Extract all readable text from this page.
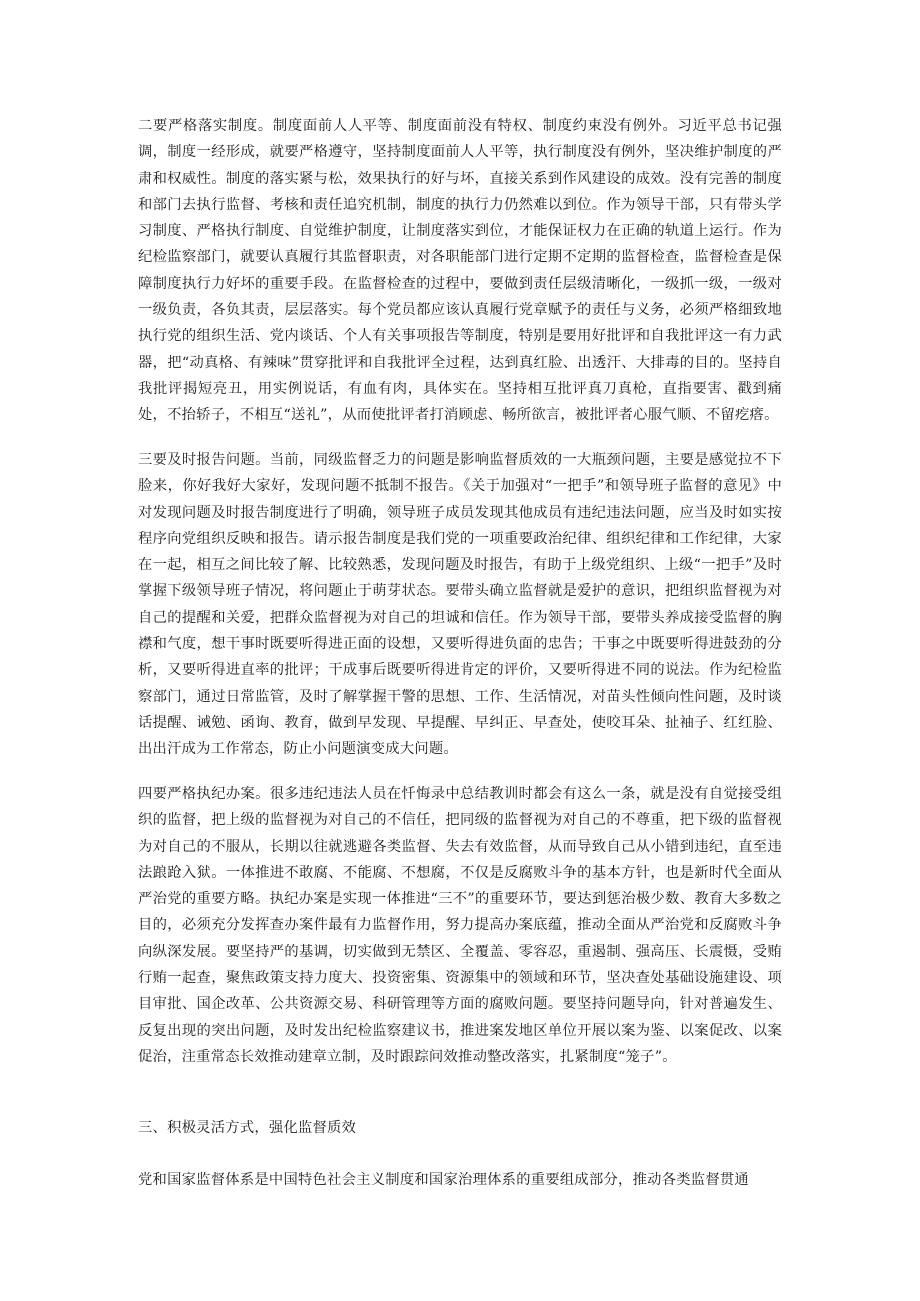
二要严格落实制度。制度面前人人平等、制度面前没有特权、制度约束没有例外。习近平总书记强调，制度一经形成，就要严格遵守，坚持制度面前人人平等，执行制度没有例外，坚决维护制度的严肃和权威性。制度的落实紧与松，效果执行的好与坏，直接关系到作风建设的成效。没有完善的制度和部门去执行监督、考核和责任追究机制，制度的执行力仍然难以到位。作为领导干部，只有带头学习制度、严格执行制度、自觉维护制度，让制度落实到位，才能保证权力在正确的轨道上运行。作为纪检监察部门，就要认真履行其监督职责，对各职能部门进行定期不定期的监督检查，监督检查是保障制度执行力好坏的重要手段。在监督检查的过程中，要做到责任层级清晰化，一级抓一级，一级对一级负责，各负其责，层层落实。每个党员都应该认真履行党章赋予的责任与义务，必须严格细致地执行党的组织生活、党内谈话、个人有关事项报告等制度，特别是要用好批评和自我批评这一有力武器，把“动真格、有辣味”贯穿批评和自我批评全过程，达到真红脸、出透汗、大排毒的目的。坚持自我批评揭短亮丑，用实例说话，有血有肉，具体实在。坚持相互批评真刀真枪，直指要害、戳到痛处，不抬轿子，不相互“送礼”，从而使批评者打消顾虑、畅所欲言，被批评者心服气顺、不留疙瘩。

三要及时报告问题。当前，同级监督乏力的问题是影响监督质效的一大瓶颈问题，主要是感觉拉不下脸来，你好我好大家好，发现问题不抵制不报告。《关于加强对“一把手”和领导班子监督的意见》中对发现问题及时报告制度进行了明确，领导班子成员发现其他成员有违纪违法问题，应当及时如实按程序向党组织反映和报告。请示报告制度是我们党的一项重要政治纪律、组织纪律和工作纪律，大家在一起，相互之间比较了解、比较熟悉，发现问题及时报告，有助于上级党组织、上级“一把手”及时掌握下级领导班子情况，将问题止于萌芽状态。要带头确立监督就是爱护的意识，把组织监督视为对自己的提醒和关爱，把群众监督视为对自己的坦诚和信任。作为领导干部，要带头养成接受监督的胸襟和气度，想干事时既要听得进正面的设想，又要听得进负面的忠告；干事之中既要听得进鼓劲的分析，又要听得进直率的批评；干成事后既要听得进肯定的评价，又要听得进不同的说法。作为纪检监察部门，通过日常监管，及时了解掌握干警的思想、工作、生活情况，对苗头性倾向性问题，及时谈话提醒、诫勉、函询、教育，做到早发现、早提醒、早纠正、早查处，使咬耳朵、扯袖子、红红脸、出出汗成为工作常态，防止小问题演变成大问题。

四要严格执纪办案。很多违纪违法人员在忏悔录中总结教训时都会有这么一条，就是没有自觉接受组织的监督，把上级的监督视为对自己的不信任，把同级的监督视为对自己的不尊重，把下级的监督视为对自己的不服从，长期以往就逃避各类监督、失去有效监督，从而导致自己从小错到违纪，直至违法踉跄入狱。一体推进不敢腐、不能腐、不想腐，不仅是反腐败斗争的基本方针，也是新时代全面从严治党的重要方略。执纪办案是实现一体推进“三不”的重要环节，要达到惩治极少数、教育大多数之目的，必须充分发挥查办案件最有力监督作用，努力提高办案底蕴，推动全面从严治党和反腐败斗争向纵深发展。要坚持严的基调，切实做到无禁区、全覆盖、零容忍，重遏制、强高压、长震慑，受贿行贿一起查，聚焦政策支持力度大、投资密集、资源集中的领域和环节，坚决查处基础设施建设、项目审批、国企改革、公共资源交易、科研管理等方面的腐败问题。要坚持问题导向，针对普遍发生、反复出现的突出问题，及时发出纪检监察建议书，推进案发地区单位开展以案为鉴、以案促改、以案促治，注重常态长效推动建章立制，及时跟踪问效推动整改落实，扎紧制度“笼子”。

三、积极灵活方式，强化监督质效

党和国家监督体系是中国特色社会主义制度和国家治理体系的重要组成部分，推动各类监督贯通
